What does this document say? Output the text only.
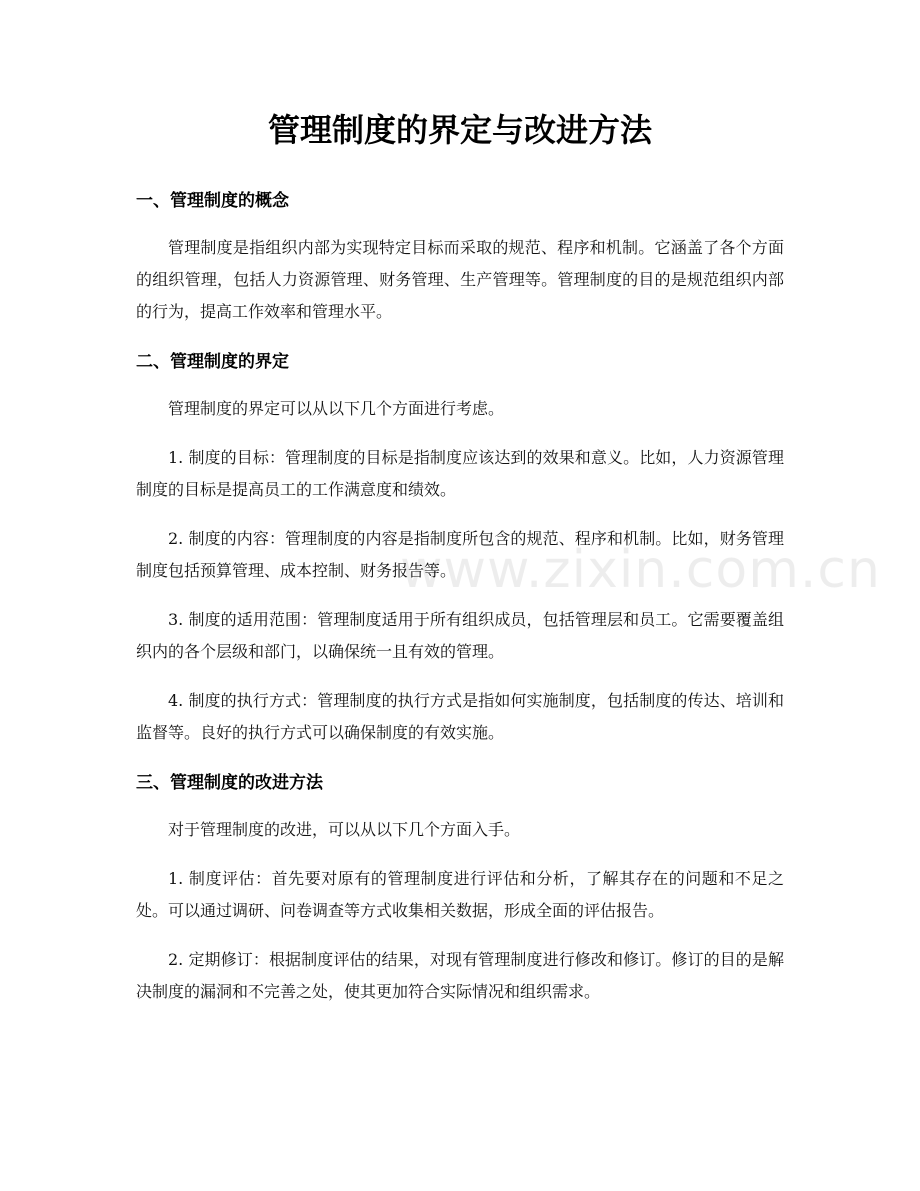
管理制度的界定与改进方法
一、管理制度的概念

管理制度是指组织内部为实现特定目标而采取的规范、程序和机制。它涵盖了各个方面的组织管理，包括人力资源管理、财务管理、生产管理等。管理制度的目的是规范组织内部的行为，提高工作效率和管理水平。

二、管理制度的界定

管理制度的界定可以从以下几个方面进行考虑。

1. 制度的目标：管理制度的目标是指制度应该达到的效果和意义。比如，人力资源管理制度的目标是提高员工的工作满意度和绩效。

2. 制度的内容：管理制度的内容是指制度所包含的规范、程序和机制。比如，财务管理制度包括预算管理、成本控制、财务报告等。

3. 制度的适用范围：管理制度适用于所有组织成员，包括管理层和员工。它需要覆盖组织内的各个层级和部门，以确保统一且有效的管理。

4. 制度的执行方式：管理制度的执行方式是指如何实施制度，包括制度的传达、培训和监督等。良好的执行方式可以确保制度的有效实施。

三、管理制度的改进方法

对于管理制度的改进，可以从以下几个方面入手。

1. 制度评估：首先要对原有的管理制度进行评估和分析，了解其存在的问题和不足之处。可以通过调研、问卷调查等方式收集相关数据，形成全面的评估报告。

2. 定期修订：根据制度评估的结果，对现有管理制度进行修改和修订。修订的目的是解决制度的漏洞和不完善之处，使其更加符合实际情况和组织需求。

www.zixin.com.cn
